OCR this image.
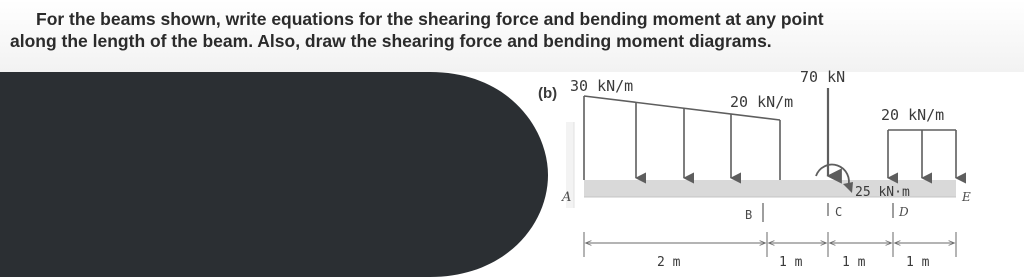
For the beams shown, write equations for the shearing force and bending moment at any point
along the length of the beam. Also, draw the shearing force and bending moment diagrams.

(b) 30 kN/m
20 kN/m
70 kN
20 kN/m
25 kN·m
A
B	C	D
E
2 m	1 m	1 m	1 m
